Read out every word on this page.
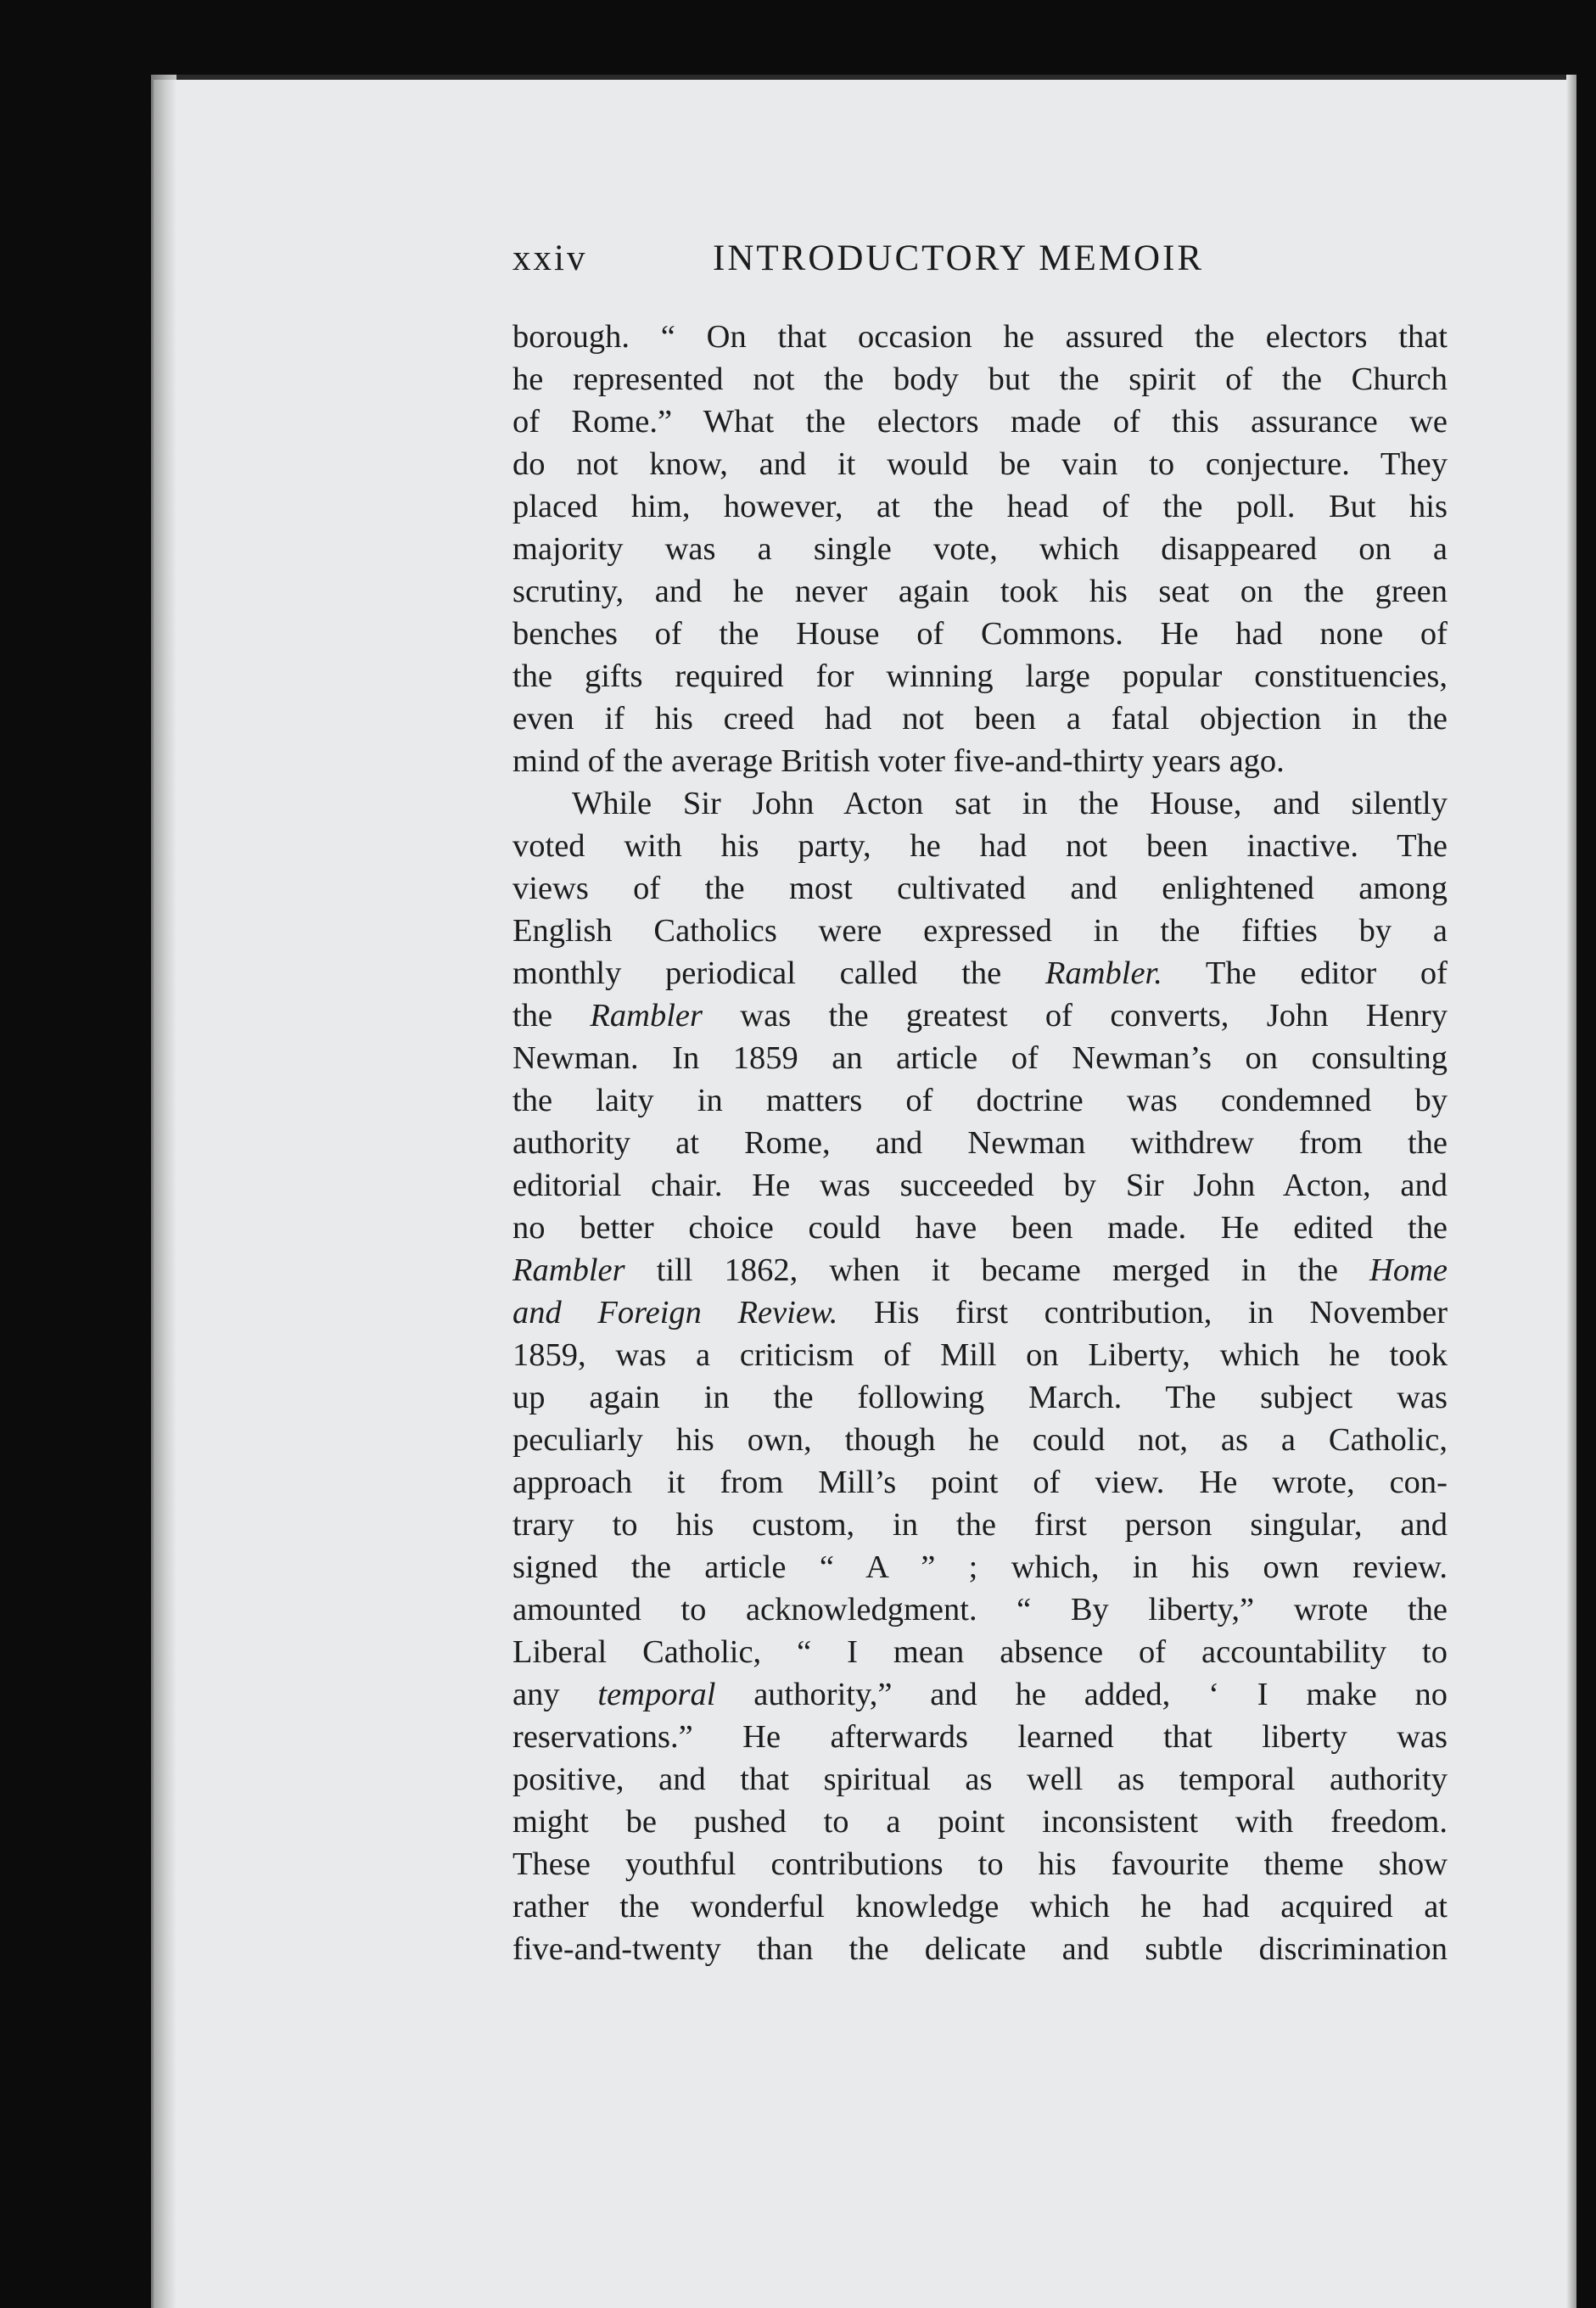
xxiv	INTRODUCTORY MEMOIR
borough. “ On that occasion he assured the electors that
he represented not the body but the spirit of the Church
of Rome.” What the electors made of this assurance we
do not know, and it would be vain to conjecture. They
placed him, however, at the head of the poll. But his
majority was a single vote, which disappeared on a
scrutiny, and he never again took his seat on the green
benches of the House of Commons. He had none of
the gifts required for winning large popular constituencies,
even if his creed had not been a fatal objection in the
mind of the average British voter five-and-thirty years ago.
While Sir John Acton sat in the House, and silently
voted with his party, he had not been inactive. The
views of the most cultivated and enlightened among
English Catholics were expressed in the fifties by a
monthly periodical called the Rambler. The editor of
the Rambler was the greatest of converts, John Henry
Newman. In 1859 an article of Newman’s on consulting
the laity in matters of doctrine was condemned by
authority at Rome, and Newman withdrew from the
editorial chair. He was succeeded by Sir John Acton, and
no better choice could have been made. He edited the
Rambler till 1862, when it became merged in the Home
and Foreign Review. His first contribution, in November
1859, was a criticism of Mill on Liberty, which he took
up again in the following March. The subject was
peculiarly his own, though he could not, as a Catholic,
approach it from Mill’s point of view. He wrote, con-
trary to his custom, in the first person singular, and
signed the article “ A ” ; which, in his own review.
amounted to acknowledgment. “ By liberty,” wrote the
Liberal Catholic, “ I mean absence of accountability to
any temporal authority,” and he added, ‘ I make no
reservations.” He afterwards learned that liberty was
positive, and that spiritual as well as temporal authority
might be pushed to a point inconsistent with freedom.
These youthful contributions to his favourite theme show
rather the wonderful knowledge which he had acquired at
five-and-twenty than the delicate and subtle discrimination
